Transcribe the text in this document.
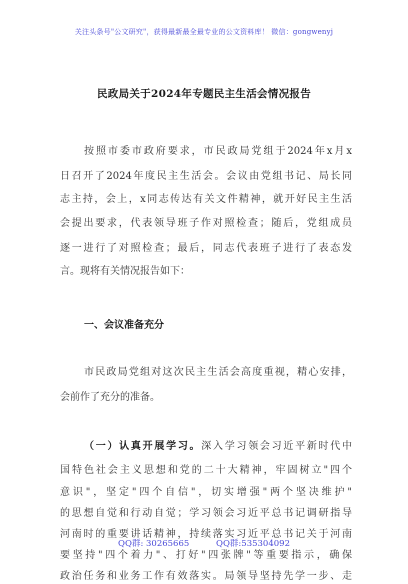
关注头条号"公文研究"，获得最新最全最专业的公文资料库！ 微信：gongwenyj
民政局关于2024年专题民主生活会情况报告
按照市委市政府要求，市民政局党组于2024年x月x
日召开了2024年度民主生活会。会议由党组书记、局长同
志主持，会上，x同志传达有关文件精神，就开好民主生活
会提出要求，代表领导班子作对照检查；随后，党组成员
逐一进行了对照检查；最后，同志代表班子进行了表态发
言。现将有关情况报告如下：
一、会议准备充分
市民政局党组对这次民主生活会高度重视，精心安排，
会前作了充分的准备。
（一）认真开展学习。深入学习领会习近平新时代中
国特色社会主义思想和党的二十大精神，牢固树立"四个
意识"，坚定"四个自信"，切实增强"两个坚决维护"
的思想自觉和行动自觉；学习领会习近平总书记调研指导
河南时的重要讲话精神，持续落实习近平总书记关于河南
要坚持"四个着力"、打好"四张牌"等重要指示，确保
政治任务和业务工作有效落实。局领导坚持先学一步、走
QQ群: 30265665	QQ群:535304092
